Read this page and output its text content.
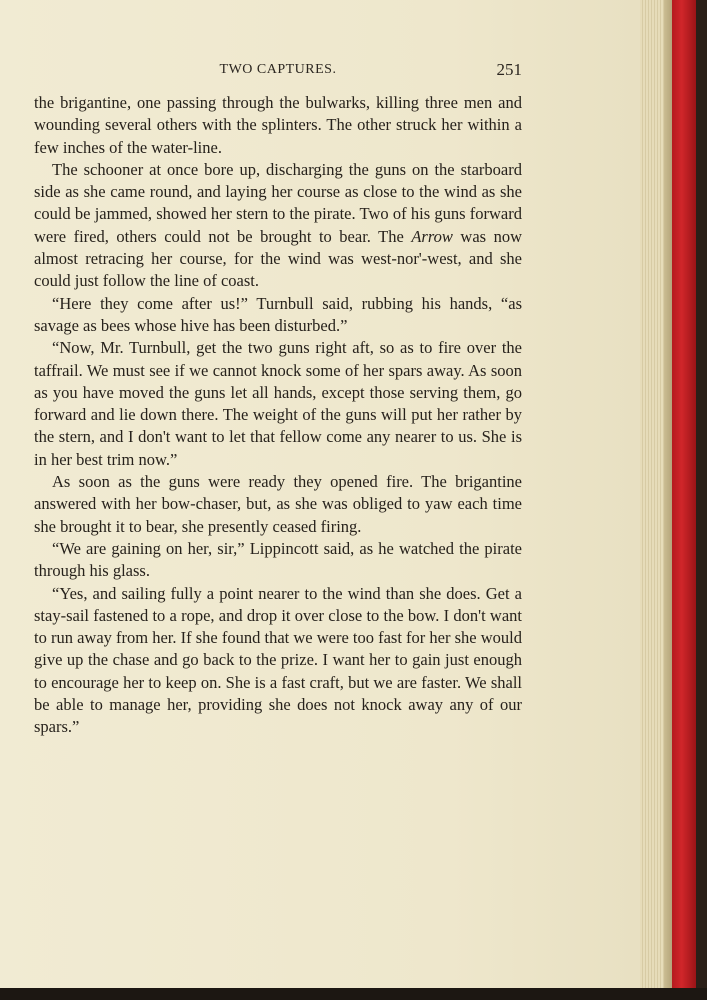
TWO CAPTURES.	251

the brigantine, one passing through the bulwarks, killing three men and wounding several others with the splinters. The other struck her within a few inches of the water-line.

The schooner at once bore up, discharging the guns on the starboard side as she came round, and laying her course as close to the wind as she could be jammed, showed her stern to the pirate. Two of his guns forward were fired, others could not be brought to bear. The Arrow was now almost retracing her course, for the wind was west-nor'-west, and she could just follow the line of coast.

“Here they come after us!” Turnbull said, rubbing his hands, “as savage as bees whose hive has been disturbed.”

“Now, Mr. Turnbull, get the two guns right aft, so as to fire over the taffrail. We must see if we cannot knock some of her spars away. As soon as you have moved the guns let all hands, except those serving them, go forward and lie down there. The weight of the guns will put her rather by the stern, and I don't want to let that fellow come any nearer to us. She is in her best trim now.”

As soon as the guns were ready they opened fire. The brigantine answered with her bow-chaser, but, as she was obliged to yaw each time she brought it to bear, she presently ceased firing.

“We are gaining on her, sir,” Lippincott said, as he watched the pirate through his glass.

“Yes, and sailing fully a point nearer to the wind than she does. Get a stay-sail fastened to a rope, and drop it over close to the bow. I don't want to run away from her. If she found that we were too fast for her she would give up the chase and go back to the prize. I want her to gain just enough to encourage her to keep on. She is a fast craft, but we are faster. We shall be able to manage her, providing she does not knock away any of our spars.”
